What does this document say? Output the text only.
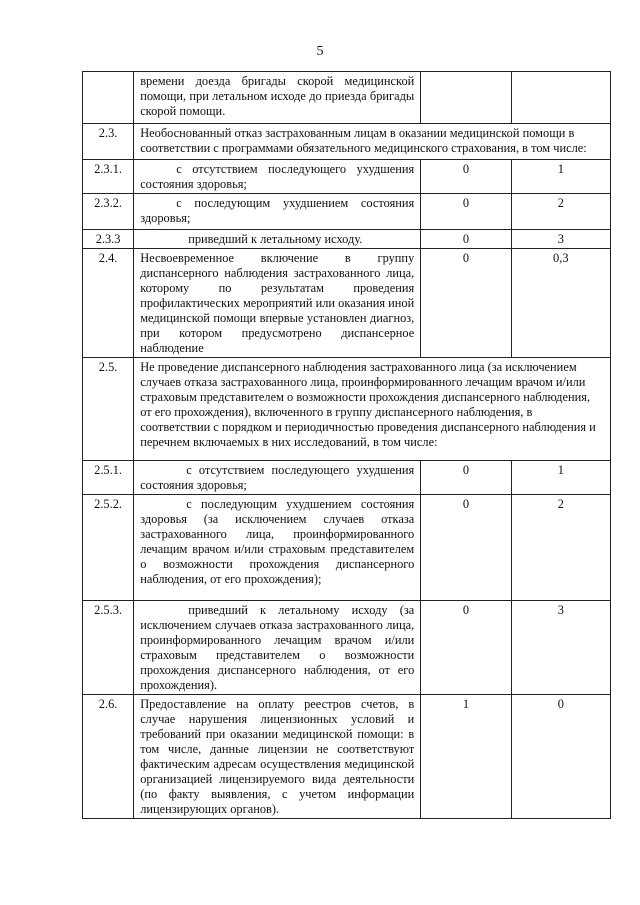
5
	времени доезда бригады скорой медицинской помощи, при летальном исходе до приезда бригады скорой помощи.		
2.3.	Необоснованный отказ застрахованным лицам в оказании медицинской помощи в соответствии с программами обязательного медицинского страхования, в том числе:		
2.3.1.	с отсутствием последующего ухудшения состояния здоровья;	0	1
2.3.2.	с последующим ухудшением состояния здоровья;	0	2
2.3.3	приведший к летальному исходу.	0	3
2.4.	Несвоевременное включение в группу диспансерного наблюдения застрахованного лица, которому по результатам проведения профилактических мероприятий или оказания иной медицинской помощи впервые установлен диагноз, при котором предусмотрено диспансерное наблюдение	0	0,3
2.5.	Не проведение диспансерного наблюдения застрахованного лица (за исключением случаев отказа застрахованного лица, проинформированного лечащим врачом и/или страховым представителем о возможности прохождения диспансерного наблюдения, от его прохождения), включенного в группу диспансерного наблюдения, в соответствии с порядком и периодичностью проведения диспансерного наблюдения и перечнем включаемых в них исследований, в том числе:		
2.5.1.	с отсутствием последующего ухудшения состояния здоровья;	0	1
2.5.2.	с последующим ухудшением состояния здоровья (за исключением случаев отказа застрахованного лица, проинформированного лечащим врачом и/или страховым представителем о возможности прохождения диспансерного наблюдения, от его прохождения);	0	2
2.5.3.	приведший к летальному исходу (за исключением случаев отказа застрахованного лица, проинформированного лечащим врачом и/или страховым представителем о возможности прохождения диспансерного наблюдения, от его прохождения).	0	3
2.6.	Предоставление на оплату реестров счетов, в случае нарушения лицензионных условий и требований при оказании медицинской помощи: в том числе, данные лицензии не соответствуют фактическим адресам осуществления медицинской организацией лицензируемого вида деятельности (по факту выявления, с учетом информации лицензирующих органов).	1	0
